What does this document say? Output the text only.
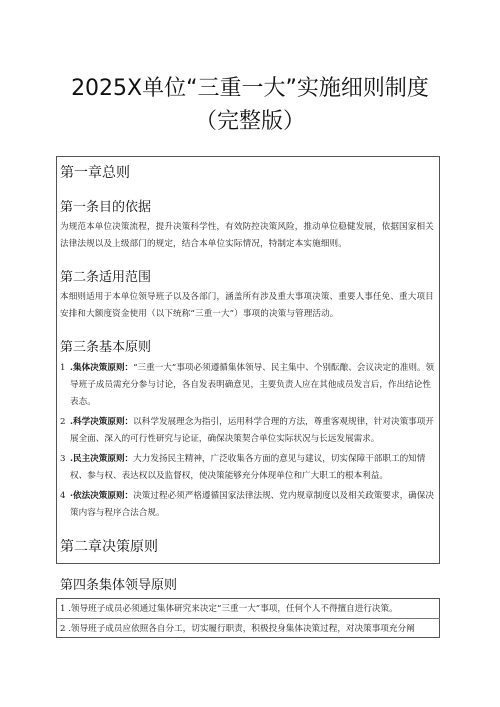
2025X单位“三重一大”实施细则制度
（完整版）
第一章总则
第一条目的依据
为规范本单位决策流程，提升决策科学性，有效防控决策风险，推动单位稳健发展，依据国家相关法律法规以及上级部门的规定，结合本单位实际情况，特制定本实施细则。
第二条适用范围
本细则适用于本单位领导班子以及各部门，涵盖所有涉及重大事项决策、重要人事任免、重大项目安排和大额度资金使用（以下统称“三重一大”）事项的决策与管理活动。
第三条基本原则
1 .集体决策原则：“三重一大”事项必须遵循集体领导、民主集中、个别酝酿、会议决定的准则。领导班子成员需充分参与讨论，各自发表明确意见，主要负责人应在其他成员发言后，作出结论性表态。
2 .科学决策原则：以科学发展理念为指引，运用科学合理的方法，尊重客观规律，针对决策事项开展全面、深入的可行性研究与论证，确保决策契合单位实际状况与长远发展需求。
3 .民主决策原则：大力发扬民主精神，广泛收集各方面的意见与建议，切实保障干部职工的知情权、参与权、表达权以及监督权，使决策能够充分体现单位和广大职工的根本利益。
4 ·依法决策原则：决策过程必须严格遵循国家法律法规、党内规章制度以及相关政策要求，确保决策内容与程序合法合规。
第二章决策原则
第四条集体领导原则
1 .领导班子成员必须通过集体研究来决定“三重一大”事项，任何个人不得擅自进行决策。
2 .领导班子成员应依照各自分工，切实履行职责，积极投身集体决策过程，对决策事项充分阐
